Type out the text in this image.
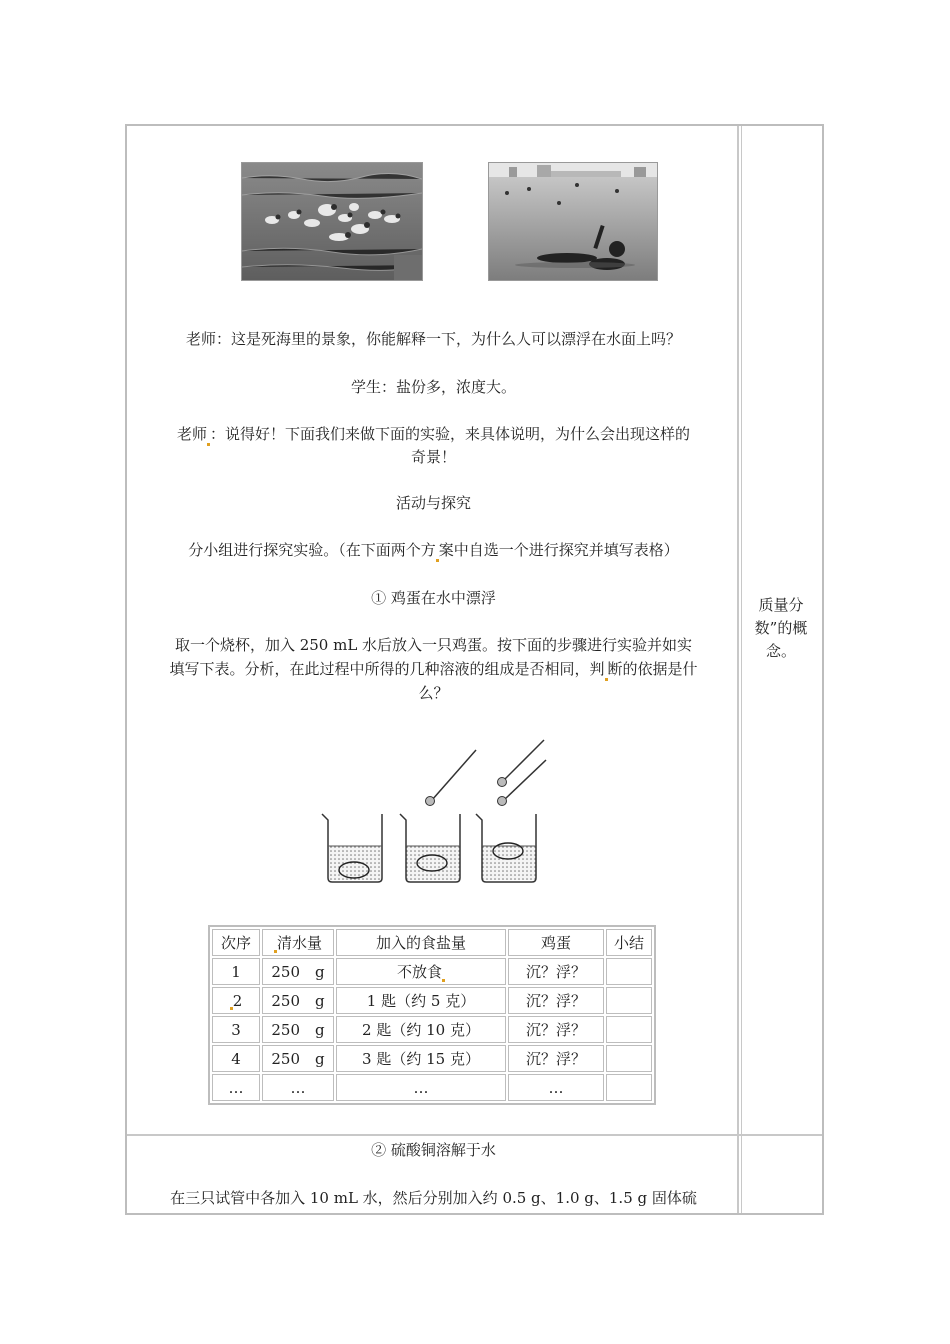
老师：这是死海里的景象，你能解释一下，为什么人可以漂浮在水面上吗？
学生：盐份多，浓度大。
老师 ：说得好！下面我们来做下面的实验，来具体说明，为什么会出现这样的
奇景！
活动与探究
分小组进行探究实验。（在下面两个方 案中自选一个进行探究并填写表格）
① 鸡蛋在水中漂浮
取一个烧杯，加入 250 mL 水后放入一只鸡蛋。按下面的步骤进行实验并如实
填写下表。分析，在此过程中所得的几种溶液的组成是否相同，判 断的依据是什
么？
质量分
数”的概
念。
次序	清水量	加入的食盐量	鸡蛋	小结
1	250　g	不放食	沉？浮？	
2	250　g	1 匙（约 5 克）	沉？浮？	
3	250　g	2 匙（约 10 克）	沉？浮？	
4	250　g	3 匙（约 15 克）	沉？浮？	
…	…	…	…	
② 硫酸铜溶解于水
在三只试管中各加入 10 mL 水，然后分别加入约 0.5 g、1.0 g、1.5 g 固体硫
